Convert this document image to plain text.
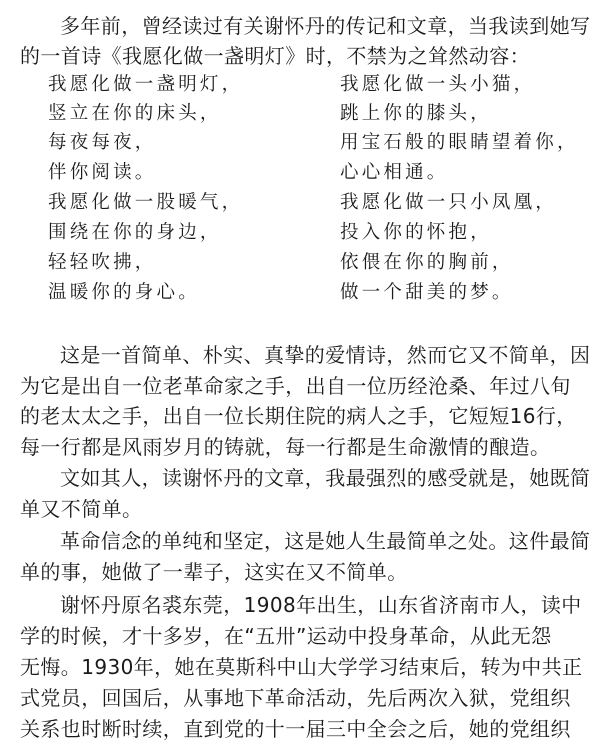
多年前，曾经读过有关谢怀丹的传记和文章，当我读到她写
的一首诗《我愿化做一盏明灯》时，不禁为之耸然动容：
我愿化做一盏明灯，
竖立在你的床头，
每夜每夜，
伴你阅读。
我愿化做一股暖气，
围绕在你的身边，
轻轻吹拂，
温暖你的身心。
我愿化做一头小猫，
跳上你的膝头，
用宝石般的眼睛望着你，
心心相通。
我愿化做一只小凤凰，
投入你的怀抱，
依偎在你的胸前，
做一个甜美的梦。
这是一首简单、朴实、真挚的爱情诗，然而它又不简单，因
为它是出自一位老革命家之手，出自一位历经沧桑、年过八旬
的老太太之手，出自一位长期住院的病人之手，它短短16行，
每一行都是风雨岁月的铸就，每一行都是生命激情的酿造。
文如其人，读谢怀丹的文章，我最强烈的感受就是，她既简
单又不简单。
革命信念的单纯和坚定，这是她人生最简单之处。这件最简
单的事，她做了一辈子，这实在又不简单。
谢怀丹原名裘东莞，1908年出生，山东省济南市人，读中
学的时候，才十多岁，在“五卅”运动中投身革命，从此无怨
无悔。1930年，她在莫斯科中山大学学习结束后，转为中共正
式党员，回国后，从事地下革命活动，先后两次入狱，党组织
关系也时断时续，直到党的十一届三中全会之后，她的党组织
